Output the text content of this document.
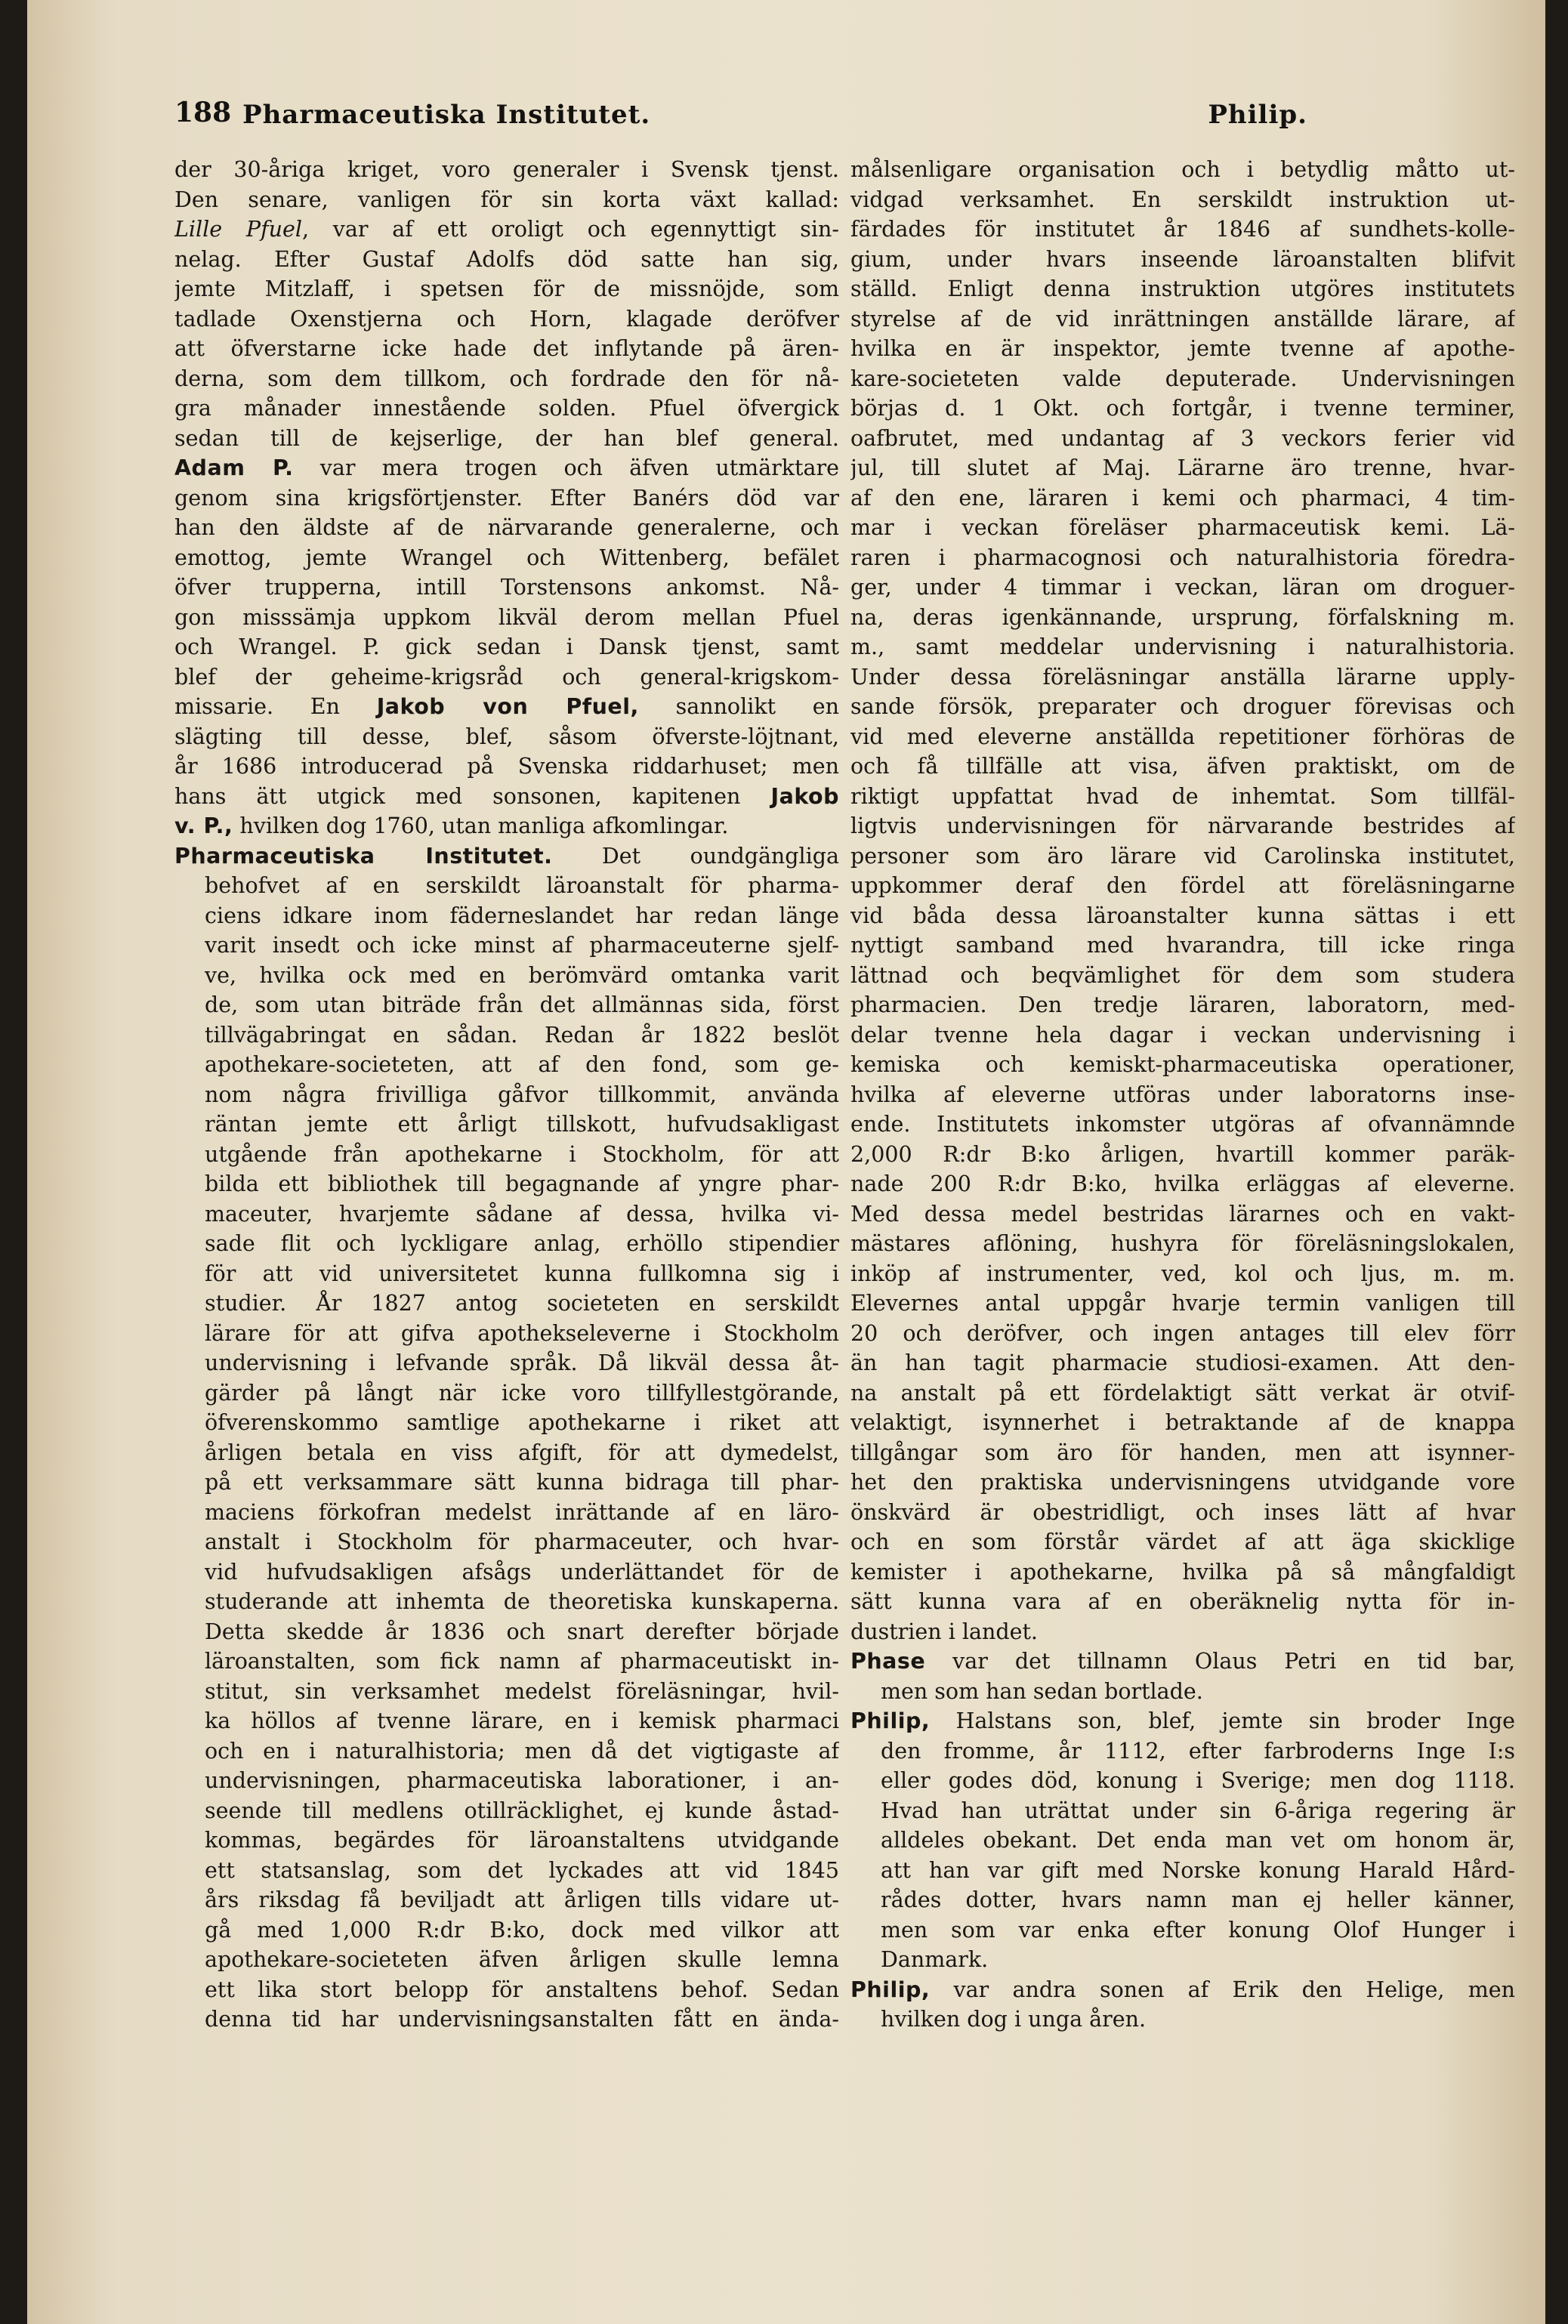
188 Pharmaceutiska Institutet.	Philip.
der 30-åriga kriget, voro generaler i Svensk tjenst.
Den senare, vanligen för sin korta växt kallad:
Lille Pfuel, var af ett oroligt och egennyttigt sin-
nelag. Efter Gustaf Adolfs död satte han sig,
jemte Mitzlaff, i spetsen för de missnöjde, som
tadlade Oxenstjerna och Horn, klagade deröfver
att öfverstarne icke hade det inflytande på ären-
derna, som dem tillkom, och fordrade den för nå-
gra månader innestående solden. Pfuel öfvergick
sedan till de kejserlige, der han blef general.
Adam P. var mera trogen och äfven utmärktare
genom sina krigsförtjenster. Efter Banérs död var
han den äldste af de närvarande generalerne, och
emottog, jemte Wrangel och Wittenberg, befälet
öfver trupperna, intill Torstensons ankomst. Nå-
gon misssämja uppkom likväl derom mellan Pfuel
och Wrangel. P. gick sedan i Dansk tjenst, samt
blef der geheime-krigsråd och general-krigskom-
missarie. En Jakob von Pfuel, sannolikt en
slägting till desse, blef, såsom öfverste-löjtnant,
år 1686 introducerad på Svenska riddarhuset; men
hans ätt utgick med sonsonen, kapitenen Jakob
v. P., hvilken dog 1760, utan manliga afkomlingar.
Pharmaceutiska Institutet. Det oundgängliga
behofvet af en serskildt läroanstalt för pharma-
ciens idkare inom fäderneslandet har redan länge
varit insedt och icke minst af pharmaceuterne sjelf-
ve, hvilka ock med en berömvärd omtanka varit
de, som utan biträde från det allmännas sida, först
tillvägabringat en sådan. Redan år 1822 beslöt
apothekare-societeten, att af den fond, som ge-
nom några frivilliga gåfvor tillkommit, använda
räntan jemte ett årligt tillskott, hufvudsakligast
utgående från apothekarne i Stockholm, för att
bilda ett bibliothek till begagnande af yngre phar-
maceuter, hvarjemte sådane af dessa, hvilka vi-
sade flit och lyckligare anlag, erhöllo stipendier
för att vid universitetet kunna fullkomna sig i
studier. År 1827 antog societeten en serskildt
lärare för att gifva apothekseleverne i Stockholm
undervisning i lefvande språk. Då likväl dessa åt-
gärder på långt när icke voro tillfyllestgörande,
öfverenskommo samtlige apothekarne i riket att
årligen betala en viss afgift, för att dymedelst,
på ett verksammare sätt kunna bidraga till phar-
maciens förkofran medelst inrättande af en läro-
anstalt i Stockholm för pharmaceuter, och hvar-
vid hufvudsakligen afsågs underlättandet för de
studerande att inhemta de theoretiska kunskaperna.
Detta skedde år 1836 och snart derefter började
läroanstalten, som fick namn af pharmaceutiskt in-
stitut, sin verksamhet medelst föreläsningar, hvil-
ka höllos af tvenne lärare, en i kemisk pharmaci
och en i naturalhistoria; men då det vigtigaste af
undervisningen, pharmaceutiska laborationer, i an-
seende till medlens otillräcklighet, ej kunde åstad-
kommas, begärdes för läroanstaltens utvidgande
ett statsanslag, som det lyckades att vid 1845
års riksdag få beviljadt att årligen tills vidare ut-
gå med 1,000 R:dr B:ko, dock med vilkor att
apothekare-societeten äfven årligen skulle lemna
ett lika stort belopp för anstaltens behof. Sedan
denna tid har undervisningsanstalten fått en ända-
målsenligare organisation och i betydlig måtto ut-
vidgad verksamhet. En serskildt instruktion ut-
färdades för institutet år 1846 af sundhets-kolle-
gium, under hvars inseende läroanstalten blifvit
ställd. Enligt denna instruktion utgöres institutets
styrelse af de vid inrättningen anställde lärare, af
hvilka en är inspektor, jemte tvenne af apothe-
kare-societeten valde deputerade. Undervisningen
börjas d. 1 Okt. och fortgår, i tvenne terminer,
oafbrutet, med undantag af 3 veckors ferier vid
jul, till slutet af Maj. Lärarne äro trenne, hvar-
af den ene, läraren i kemi och pharmaci, 4 tim-
mar i veckan föreläser pharmaceutisk kemi. Lä-
raren i pharmacognosi och naturalhistoria föredra-
ger, under 4 timmar i veckan, läran om droguer-
na, deras igenkännande, ursprung, förfalskning m.
m., samt meddelar undervisning i naturalhistoria.
Under dessa föreläsningar anställa lärarne upply-
sande försök, preparater och droguer förevisas och
vid med eleverne anställda repetitioner förhöras de
och få tillfälle att visa, äfven praktiskt, om de
riktigt uppfattat hvad de inhemtat. Som tillfäl-
ligtvis undervisningen för närvarande bestrides af
personer som äro lärare vid Carolinska institutet,
uppkommer deraf den fördel att föreläsningarne
vid båda dessa läroanstalter kunna sättas i ett
nyttigt samband med hvarandra, till icke ringa
lättnad och beqvämlighet för dem som studera
pharmacien. Den tredje läraren, laboratorn, med-
delar tvenne hela dagar i veckan undervisning i
kemiska och kemiskt-pharmaceutiska operationer,
hvilka af eleverne utföras under laboratorns inse-
ende. Institutets inkomster utgöras af ofvannämnde
2,000 R:dr B:ko årligen, hvartill kommer paräk-
nade 200 R:dr B:ko, hvilka erläggas af eleverne.
Med dessa medel bestridas lärarnes och en vakt-
mästares aflöning, hushyra för föreläsningslokalen,
inköp af instrumenter, ved, kol och ljus, m. m.
Elevernes antal uppgår hvarje termin vanligen till
20 och deröfver, och ingen antages till elev förr
än han tagit pharmacie studiosi-examen. Att den-
na anstalt på ett fördelaktigt sätt verkat är otvif-
velaktigt, isynnerhet i betraktande af de knappa
tillgångar som äro för handen, men att isynner-
het den praktiska undervisningens utvidgande vore
önskvärd är obestridligt, och inses lätt af hvar
och en som förstår värdet af att äga skicklige
kemister i apothekarne, hvilka på så mångfaldigt
sätt kunna vara af en oberäknelig nytta för in-
dustrien i landet.
Phase var det tillnamn Olaus Petri en tid bar,
men som han sedan bortlade.
Philip, Halstans son, blef, jemte sin broder Inge
den fromme, år 1112, efter farbroderns Inge I:s
eller godes död, konung i Sverige; men dog 1118.
Hvad han uträttat under sin 6-åriga regering är
alldeles obekant. Det enda man vet om honom är,
att han var gift med Norske konung Harald Hård-
rådes dotter, hvars namn man ej heller känner,
men som var enka efter konung Olof Hunger i
Danmark.
Philip, var andra sonen af Erik den Helige, men
hvilken dog i unga åren.
